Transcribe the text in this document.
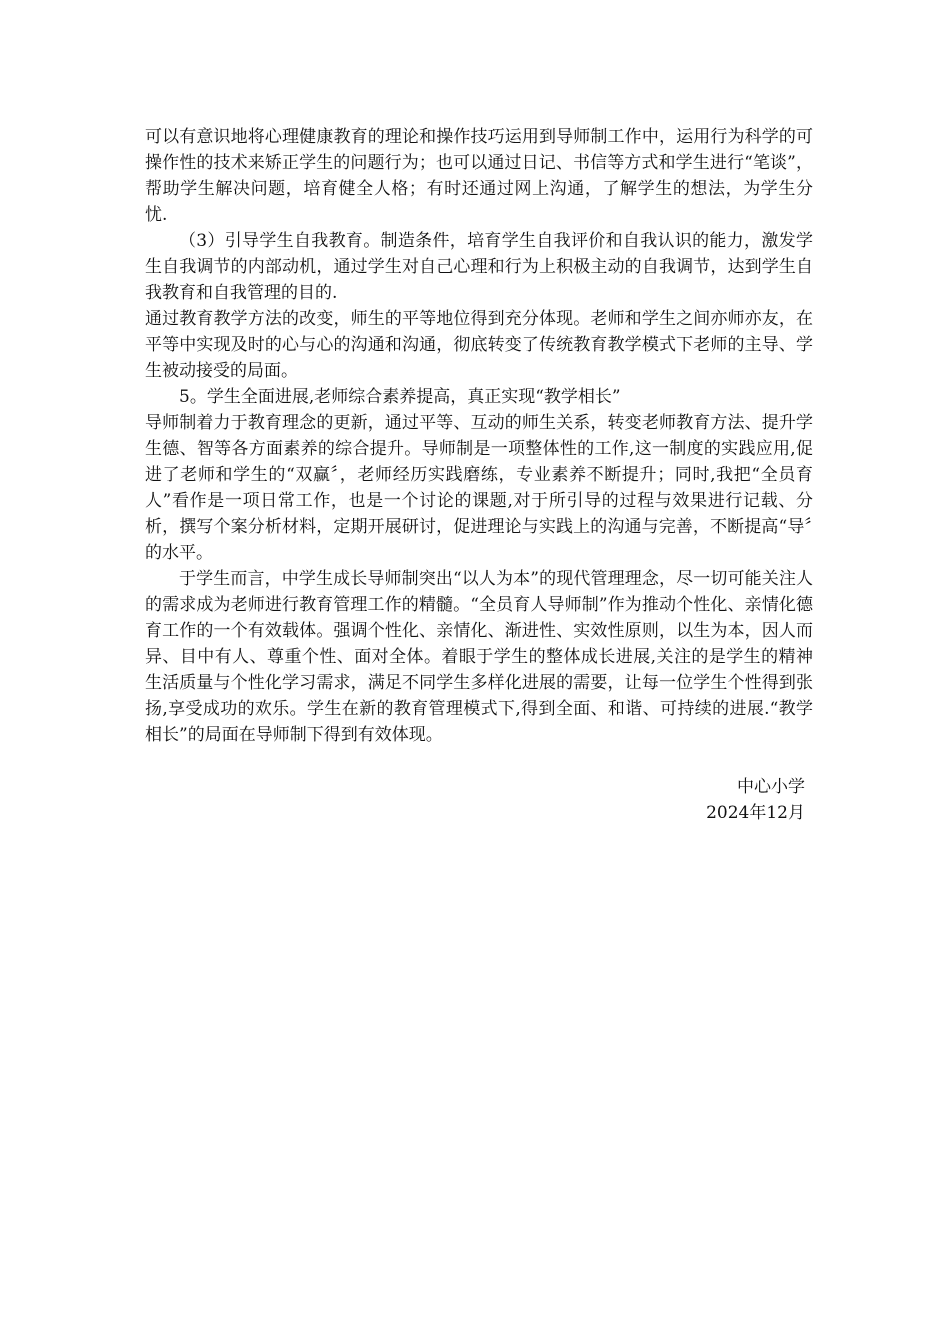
可以有意识地将心理健康教育的理论和操作技巧运用到导师制工作中，运用行为科学的可操作性的技术来矫正学生的问题行为；也可以通过日记、书信等方式和学生进行“笔谈”，帮助学生解决问题，培育健全人格；有时还通过网上沟通，了解学生的想法，为学生分忧.

（3）引导学生自我教育。制造条件，培育学生自我评价和自我认识的能力，激发学生自我调节的内部动机，通过学生对自己心理和行为上积极主动的自我调节，达到学生自我教育和自我管理的目的.

通过教育教学方法的改变，师生的平等地位得到充分体现。老师和学生之间亦师亦友，在平等中实现及时的心与心的沟通和沟通，彻底转变了传统教育教学模式下老师的主导、学生被动接受的局面。

5。学生全面进展,老师综合素养提高，真正实现“教学相长”

导师制着力于教育理念的更新，通过平等、互动的师生关系，转变老师教育方法、提升学生德、智等各方面素养的综合提升。导师制是一项整体性的工作,这一制度的实践应用,促进了老师和学生的“双赢〞，老师经历实践磨练，专业素养不断提升；同时,我把“全员育人”看作是一项日常工作，也是一个讨论的课题,对于所引导的过程与效果进行记载、分析，撰写个案分析材料，定期开展研讨，促进理论与实践上的沟通与完善，不断提高“导〞的水平。

于学生而言，中学生成长导师制突出“以人为本”的现代管理理念，尽一切可能关注人的需求成为老师进行教育管理工作的精髓。“全员育人导师制”作为推动个性化、亲情化德育工作的一个有效载体。强调个性化、亲情化、渐进性、实效性原则，以生为本，因人而异、目中有人、尊重个性、面对全体。着眼于学生的整体成长进展,关注的是学生的精神生活质量与个性化学习需求，满足不同学生多样化进展的需要，让每一位学生个性得到张扬,享受成功的欢乐。学生在新的教育管理模式下,得到全面、和谐、可持续的进展.“教学相长”的局面在导师制下得到有效体现。

中心小学
2024年12月
